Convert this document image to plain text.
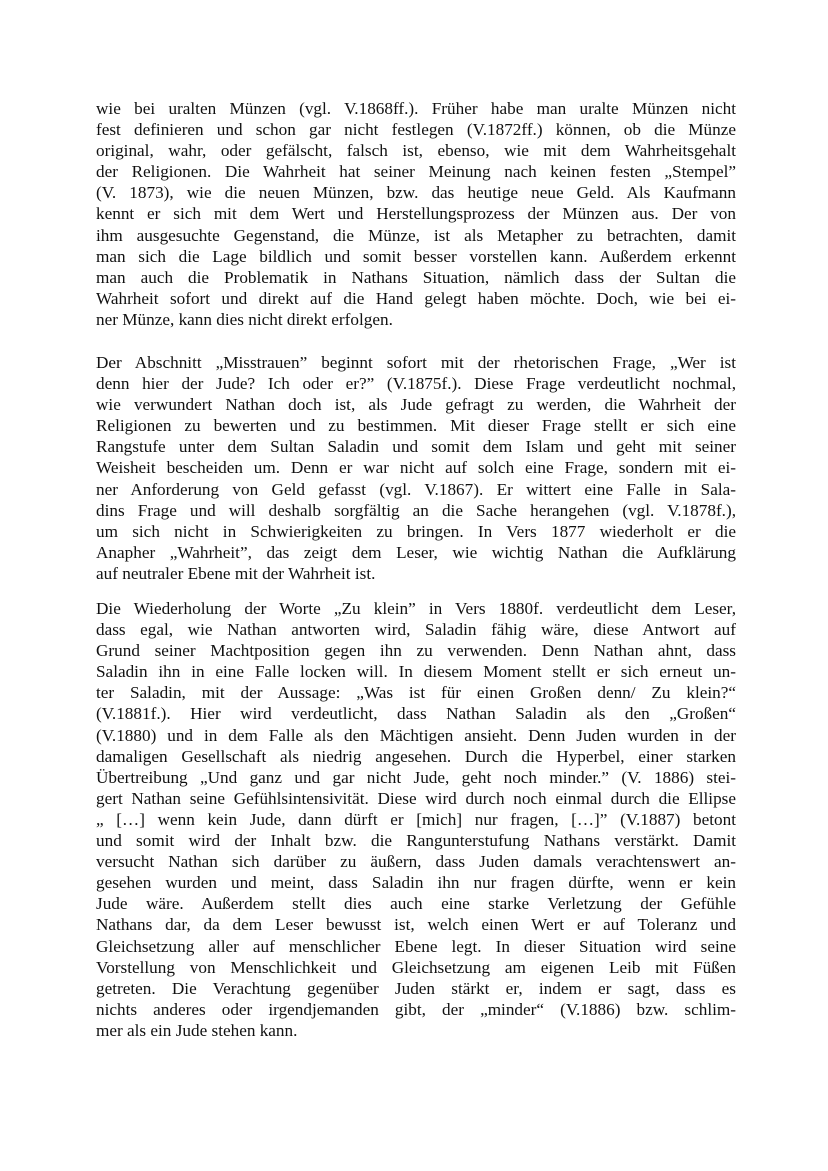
wie bei uralten Münzen (vgl. V.1868ff.). Früher habe man uralte Münzen nicht
fest definieren und schon gar nicht festlegen (V.1872ff.) können, ob die Münze
original, wahr, oder gefälscht, falsch ist, ebenso, wie mit dem Wahrheitsgehalt
der Religionen. Die Wahrheit hat seiner Meinung nach keinen festen „Stempel”
(V. 1873), wie die neuen Münzen, bzw. das heutige neue Geld. Als Kaufmann
kennt er sich mit dem Wert und Herstellungsprozess der Münzen aus. Der von
ihm ausgesuchte Gegenstand, die Münze, ist als Metapher zu betrachten, damit
man sich die Lage bildlich und somit besser vorstellen kann. Außerdem erkennt
man auch die Problematik in Nathans Situation, nämlich dass der Sultan die
Wahrheit sofort und direkt auf die Hand gelegt haben möchte. Doch, wie bei ei-
ner Münze, kann dies nicht direkt erfolgen.
Der Abschnitt „Misstrauen” beginnt sofort mit der rhetorischen Frage, „Wer ist
denn hier der Jude? Ich oder er?” (V.1875f.). Diese Frage verdeutlicht nochmal,
wie verwundert Nathan doch ist, als Jude gefragt zu werden, die Wahrheit der
Religionen zu bewerten und zu bestimmen. Mit dieser Frage stellt er sich eine
Rangstufe unter dem Sultan Saladin und somit dem Islam und geht mit seiner
Weisheit bescheiden um. Denn er war nicht auf solch eine Frage, sondern mit ei-
ner Anforderung von Geld gefasst (vgl. V.1867). Er wittert eine Falle in Sala-
dins Frage und will deshalb sorgfältig an die Sache herangehen (vgl. V.1878f.),
um sich nicht in Schwierigkeiten zu bringen. In Vers 1877 wiederholt er die
Anapher „Wahrheit”, das zeigt dem Leser, wie wichtig Nathan die Aufklärung
auf neutraler Ebene mit der Wahrheit ist.
Die Wiederholung der Worte „Zu klein” in Vers 1880f. verdeutlicht dem Leser,
dass egal, wie Nathan antworten wird, Saladin fähig wäre, diese Antwort auf
Grund seiner Machtposition gegen ihn zu verwenden. Denn Nathan ahnt, dass
Saladin ihn in eine Falle locken will. In diesem Moment stellt er sich erneut un-
ter Saladin, mit der Aussage: „Was ist für einen Großen denn/ Zu klein?“
(V.1881f.). Hier wird verdeutlicht, dass Nathan Saladin als den „Großen“
(V.1880) und in dem Falle als den Mächtigen ansieht. Denn Juden wurden in der
damaligen Gesellschaft als niedrig angesehen. Durch die Hyperbel, einer starken
Übertreibung „Und ganz und gar nicht Jude, geht noch minder.” (V. 1886) stei-
gert Nathan seine Gefühlsintensivität. Diese wird durch noch einmal durch die Ellipse
„ […] wenn kein Jude, dann dürft er [mich] nur fragen, […]” (V.1887) betont
und somit wird der Inhalt bzw. die Rangunterstufung Nathans verstärkt. Damit
versucht Nathan sich darüber zu äußern, dass Juden damals verachtenswert an-
gesehen wurden und meint, dass Saladin ihn nur fragen dürfte, wenn er kein
Jude wäre. Außerdem stellt dies auch eine starke Verletzung der Gefühle
Nathans dar, da dem Leser bewusst ist, welch einen Wert er auf Toleranz und
Gleichsetzung aller auf menschlicher Ebene legt. In dieser Situation wird seine
Vorstellung von Menschlichkeit und Gleichsetzung am eigenen Leib mit Füßen
getreten. Die Verachtung gegenüber Juden stärkt er, indem er sagt, dass es
nichts anderes oder irgendjemanden gibt, der „minder“ (V.1886) bzw. schlim-
mer als ein Jude stehen kann.
